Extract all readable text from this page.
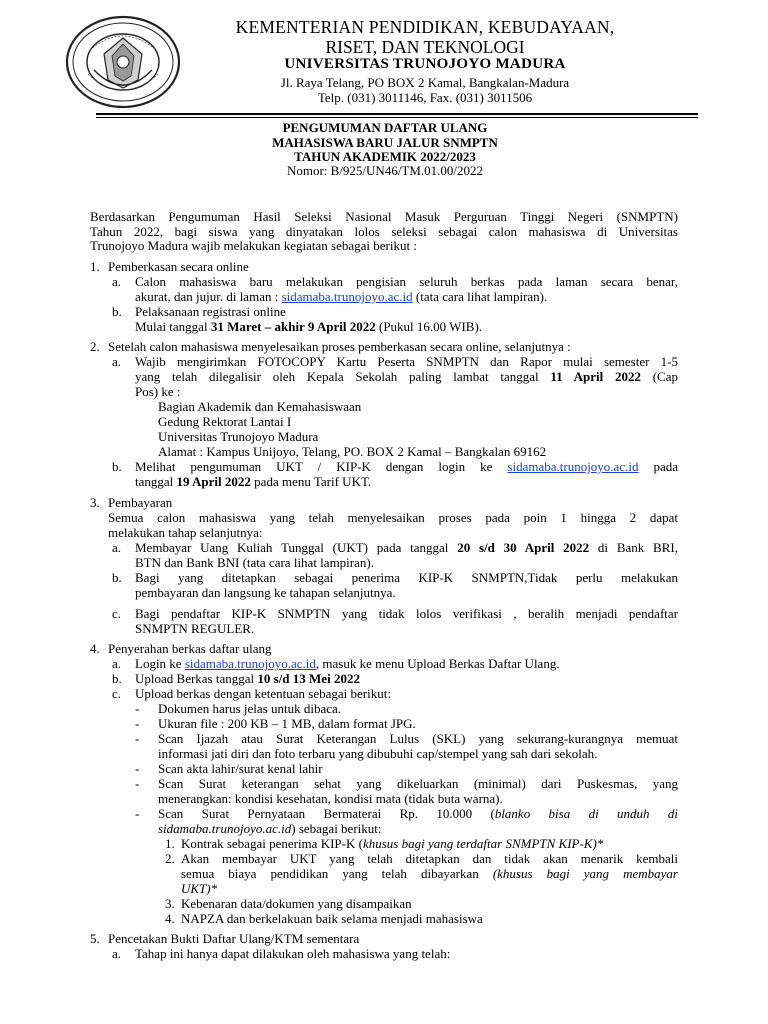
KEMENTERIAN PENDIDIKAN, KEBUDAYAAN,
RISET, DAN TEKNOLOGI
UNIVERSITAS TRUNOJOYO MADURA
Jl. Raya Telang, PO BOX 2 Kamal, Bangkalan-Madura
Telp. (031) 3011146, Fax. (031) 3011506
PENGUMUMAN DAFTAR ULANG
MAHASISWA BARU JALUR SNMPTN
TAHUN AKADEMIK 2022/2023
Nomor: B/925/UN46/TM.01.00/2022
Berdasarkan Pengumuman Hasil Seleksi Nasional Masuk Perguruan Tinggi Negeri (SNMPTN)
Tahun 2022, bagi siswa yang dinyatakan lolos seleksi sebagai calon mahasiswa di Universitas
Trunojoyo Madura wajib melakukan kegiatan sebagai berikut :
1. Pemberkasan secara online
a. Calon mahasiswa baru melakukan pengisian seluruh berkas pada laman secara benar,
akurat, dan jujur. di laman : sidamaba.trunojoyo.ac.id (tata cara lihat lampiran).
b. Pelaksanaan registrasi online
Mulai tanggal 31 Maret – akhir 9 April 2022 (Pukul 16.00 WIB).
2. Setelah calon mahasiswa menyelesaikan proses pemberkasan secara online, selanjutnya :
a. Wajib mengirimkan FOTOCOPY Kartu Peserta SNMPTN dan Rapor mulai semester 1-5
yang telah dilegalisir oleh Kepala Sekolah paling lambat tanggal 11 April 2022 (Cap
Pos) ke :
Bagian Akademik dan Kemahasiswaan
Gedung Rektorat Lantai I
Universitas Trunojoyo Madura
Alamat : Kampus Unijoyo, Telang, PO. BOX 2 Kamal – Bangkalan 69162
b. Melihat pengumuman UKT / KIP-K dengan login ke sidamaba.trunojoyo.ac.id pada
tanggal 19 April 2022 pada menu Tarif UKT.
3. Pembayaran
Semua calon mahasiswa yang telah menyelesaikan proses pada poin 1 hingga 2 dapat
melakukan tahap selanjutnya:
a. Membayar Uang Kuliah Tunggal (UKT) pada tanggal 20 s/d 30 April 2022 di Bank BRI,
BTN dan Bank BNI (tata cara lihat lampiran).
b. Bagi yang ditetapkan sebagai penerima KIP-K SNMPTN,Tidak perlu melakukan
pembayaran dan langsung ke tahapan selanjutnya.
c. Bagi pendaftar KIP-K SNMPTN yang tidak lolos verifikasi , beralih menjadi pendaftar
SNMPTN REGULER.
4. Penyerahan berkas daftar ulang
a. Login ke sidamaba.trunojoyo.ac.id, masuk ke menu Upload Berkas Daftar Ulang.
b. Upload Berkas tanggal 10 s/d 13 Mei 2022
c. Upload berkas dengan ketentuan sebagai berikut:
- Dokumen harus jelas untuk dibaca.
- Ukuran file : 200 KB – 1 MB, dalam format JPG.
- Scan Ijazah atau Surat Keterangan Lulus (SKL) yang sekurang-kurangnya memuat
informasi jati diri dan foto terbaru yang dibubuhi cap/stempel yang sah dari sekolah.
- Scan akta lahir/surat kenal lahir
- Scan Surat keterangan sehat yang dikeluarkan (minimal) dari Puskesmas, yang
menerangkan: kondisi kesehatan, kondisi mata (tidak buta warna).
- Scan Surat Pernyataan Bermaterai Rp. 10.000 (blanko bisa di unduh di
sidamaba.trunojoyo.ac.id) sebagai berikut:
1. Kontrak sebagai penerima KIP-K (khusus bagi yang terdaftar SNMPTN KIP-K)*
2. Akan membayar UKT yang telah ditetapkan dan tidak akan menarik kembali
semua biaya pendidikan yang telah dibayarkan (khusus bagi yang membayar
UKT)*
3. Kebenaran data/dokumen yang disampaikan
4. NAPZA dan berkelakuan baik selama menjadi mahasiswa
5. Pencetakan Bukti Daftar Ulang/KTM sementara
a. Tahap ini hanya dapat dilakukan oleh mahasiswa yang telah:
